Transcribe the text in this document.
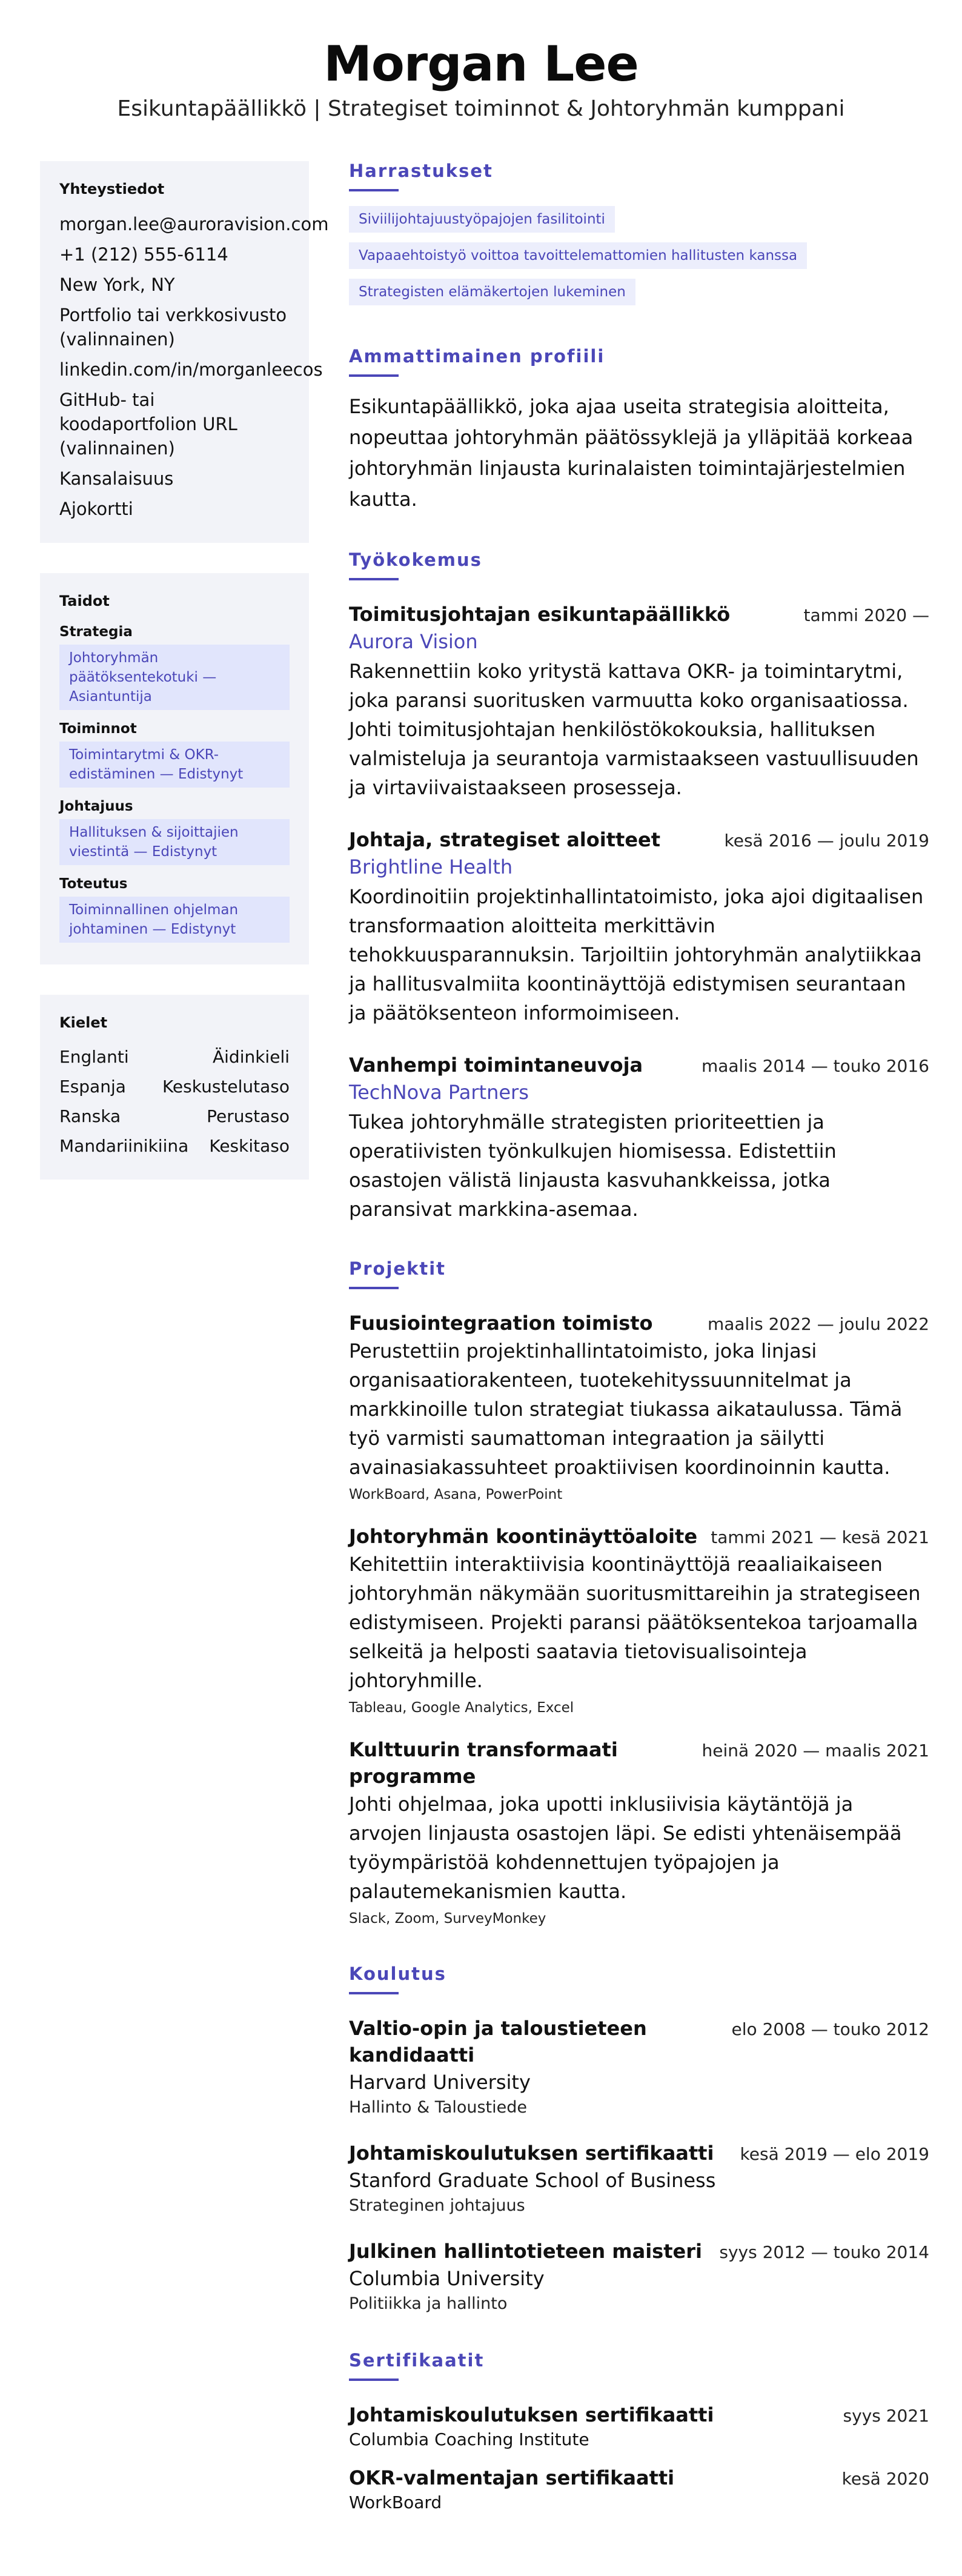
Morgan Lee
Esikuntapäällikkö | Strategiset toiminnot & Johtoryhmän kumppani
Yhteystiedot
morgan.lee@auroravision.com
+1 (212) 555-6114
New York, NY
Portfolio tai verkkosivusto (valinnainen)
linkedin.com/in/morganleecos
GitHub- tai koodaportfolion URL (valinnainen)
Kansalaisuus
Ajokortti
Taidot
Strategia
Johtoryhmän päätöksentekotuki — Asiantuntija
Toiminnot
Toimintarytmi & OKR-edistäminen — Edistynyt
Johtajuus
Hallituksen & sijoittajien viestintä — Edistynyt
Toteutus
Toiminnallinen ohjelman johtaminen — Edistynyt
Kielet
Englanti	Äidinkieli
Espanja Keskustelutaso
Ranska	Perustaso
Mandariinikiina Keskitaso
Harrastukset
Siviilijohtajuustyöpajojen fasilitointi
Vapaaehtoistyö voittoa tavoittelemattomien hallitusten kanssa
Strategisten elämäkertojen lukeminen
Ammattimainen profiili
Esikuntapäällikkö, joka ajaa useita strategisia aloitteita, nopeuttaa johtoryhmän päätössyklejä ja ylläpitää korkeaa johtoryhmän linjausta kurinalaisten toimintajärjestelmien kautta.
Työkokemus
Toimitusjohtajan esikuntapäällikkö	tammi 2020 —
Aurora Vision
Rakennettiin koko yritystä kattava OKR- ja toimintarytmi, joka paransi suoritusken varmuutta koko organisaatiossa. Johti toimitusjohtajan henkilöstökokouksia, hallituksen valmisteluja ja seurantoja varmistaakseen vastuullisuuden ja virtaviivaistaakseen prosesseja.
Johtaja, strategiset aloitteet	kesä 2016 — joulu 2019
Brightline Health
Koordinoitiin projektinhallintatoimisto, joka ajoi digitaalisen transformaation aloitteita merkittävin tehokkuusparannuksin. Tarjoiltiin johtoryhmän analytiikkaa ja hallitusvalmiita koontinäyttöjä edistymisen seurantaan ja päätöksenteon informoimiseen.
Vanhempi toimintaneuvoja	maalis 2014 — touko 2016
TechNova Partners
Tukea johtoryhmälle strategisten prioriteettien ja operatiivisten työnkulkujen hiomisessa. Edistettiin osastojen välistä linjausta kasvuhankkeissa, jotka paransivat markkina-asemaa.
Projektit
Fuusiointegraation toimisto	maalis 2022 — joulu 2022
Perustettiin projektinhallintatoimisto, joka linjasi organisaatiorakenteen, tuotekehityssuunnitelmat ja markkinoille tulon strategiat tiukassa aikataulussa. Tämä työ varmisti saumattoman integraation ja säilytti avainasiakassuhteet proaktiivisen koordinoinnin kautta.
WorkBoard, Asana, PowerPoint
Johtoryhmän koontinäyttöaloite tammi 2021 — kesä 2021
Kehitettiin interaktiivisia koontinäyttöjä reaaliaikaiseen johtoryhmän näkymään suoritusmittareihin ja strategiseen edistymiseen. Projekti paransi päätöksentekoa tarjoamalla selkeitä ja helposti saatavia tietovisualisointeja johtoryhmille.
Tableau, Google Analytics, Excel
Kulttuurin transformaati programme
heinä 2020 — maalis 2021
Johti ohjelmaa, joka upotti inklusiivisia käytäntöjä ja arvojen linjausta osastojen läpi. Se edisti yhtenäisempää työympäristöä kohdennettujen työpajojen ja palautemekanismien kautta.
Slack, Zoom, SurveyMonkey
Koulutus
Valtio-opin ja taloustieteen kandidaatti
elo 2008 — touko 2012
Harvard University
Hallinto & Taloustiede
Johtamiskoulutuksen sertifikaatti kesä 2019 — elo 2019
Stanford Graduate School of Business
Strateginen johtajuus
Julkinen hallintotieteen maisteri syys 2012 — touko 2014
Columbia University
Politiikka ja hallinto
Sertifikaatit
Johtamiskoulutuksen sertifikaatti	syys 2021
Columbia Coaching Institute
OKR-valmentajan sertifikaatti	kesä 2020
WorkBoard
